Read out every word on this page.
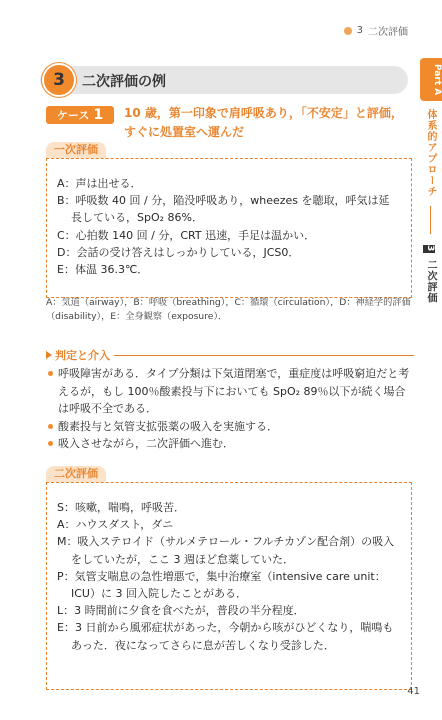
3 二次評価
Part A
体系的アプローチ  3 二次評価
3	二次評価の例
ケース 1	10 歳，第一印象で肩呼吸あり，「不安定」と評価，すぐに処置室へ運んだ
一次評価
A：声は出せる．
B：呼吸数 40 回 / 分，陥没呼吸あり，wheezes を聴取，呼気は延長している，SpO₂ 86%．
C：心拍数 140 回 / 分，CRT 迅速，手足は温かい．
D：会話の受け答えはしっかりしている，JCS0．
E：体温 36.3℃．
A：気道（airway），B：呼吸（breathing），C：循環（circulation），D：神経学的評価（disability），E：全身観察（exposure）．
判定と介入
呼吸障害がある．タイプ分類は下気道閉塞で，重症度は呼吸窮迫だと考えるが，もし 100％酸素投与下においても SpO₂ 89％以下が続く場合は呼吸不全である．
酸素投与と気管支拡張薬の吸入を実施する．
吸入させながら，二次評価へ進む．
二次評価
S：咳嗽，喘鳴，呼吸苦．
A：ハウスダスト，ダニ
M：吸入ステロイド（サルメテロール・フルチカゾン配合剤）の吸入をしていたが，ここ 3 週ほど怠薬していた．
P：気管支喘息の急性増悪で，集中治療室（intensive care unit：ICU）に 3 回入院したことがある．
L：3 時間前に夕食を食べたが，普段の半分程度．
E：3 日前から風邪症状があった，今朝から咳がひどくなり，喘鳴もあった．夜になってさらに息が苦しくなり受診した．
41
